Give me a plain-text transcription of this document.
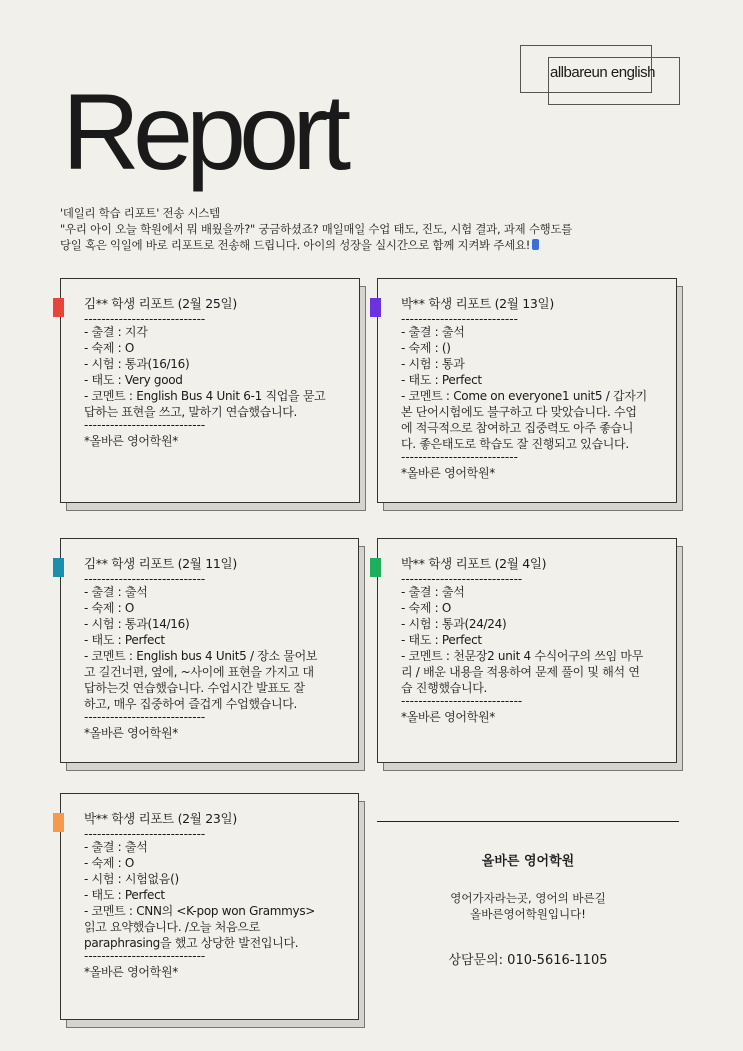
allbareun english
Report
'데일리 학습 리포트' 전송 시스템
"우리 아이 오늘 학원에서 뭐 배웠을까?" 궁금하셨죠? 매일매일 수업 태도, 진도, 시험 결과, 과제 수행도를
당일 혹은 익일에 바로 리포트로 전송해 드립니다. 아이의 성장을 실시간으로 함께 지켜봐 주세요!
김** 학생 리포트 (2월 25일)
----------------------------
- 출결 : 지각
- 숙제 : O
- 시험 : 통과(16/16)
- 태도 : Very good
- 코멘트 : English Bus 4 Unit 6-1 직업을 묻고
답하는 표현을 쓰고, 말하기 연습했습니다.
----------------------------
*올바른 영어학원*
박** 학생 리포트 (2월 13일)
---------------------------
- 출결 : 출석
- 숙제 : ()
- 시험 : 통과
- 태도 : Perfect
- 코멘트 : Come on everyone1 unit5 / 갑자기
본 단어시험에도 불구하고 다 맞았습니다. 수업
에 적극적으로 참여하고 집중력도 아주 좋습니
다. 좋은태도로 학습도 잘 진행되고 있습니다.
---------------------------
*올바른 영어학원*
김** 학생 리포트 (2월 11일)
----------------------------
- 출결 : 출석
- 숙제 : O
- 시험 : 통과(14/16)
- 태도 : Perfect
- 코멘트 : English bus 4 Unit5 / 장소 물어보
고 길건너편, 옆에, ~사이에 표현을 가지고 대
답하는것 연습했습니다. 수업시간 발표도 잘
하고, 매우 집중하여 즐겁게 수업했습니다.
----------------------------
*올바른 영어학원*
박** 학생 리포트 (2월 4일)
----------------------------
- 출결 : 출석
- 숙제 : O
- 시험 : 통과(24/24)
- 태도 : Perfect
- 코멘트 : 천문장2 unit 4 수식어구의 쓰임 마무
리 / 배운 내용을 적용하여 문제 풀이 및 해석 연
습 진행했습니다.
----------------------------
*올바른 영어학원*
박** 학생 리포트 (2월 23일)
----------------------------
- 출결 : 출석
- 숙제 : O
- 시험 : 시험없음()
- 태도 : Perfect
- 코멘트 : CNN의 <K-pop won Grammys>
읽고 요약했습니다. /오늘 처음으로
paraphrasing을 했고 상당한 발전입니다.
----------------------------
*올바른 영어학원*
올바른 영어학원
영어가자라는곳, 영어의 바른길
올바른영어학원입니다!
상담문의: 010-5616-1105
